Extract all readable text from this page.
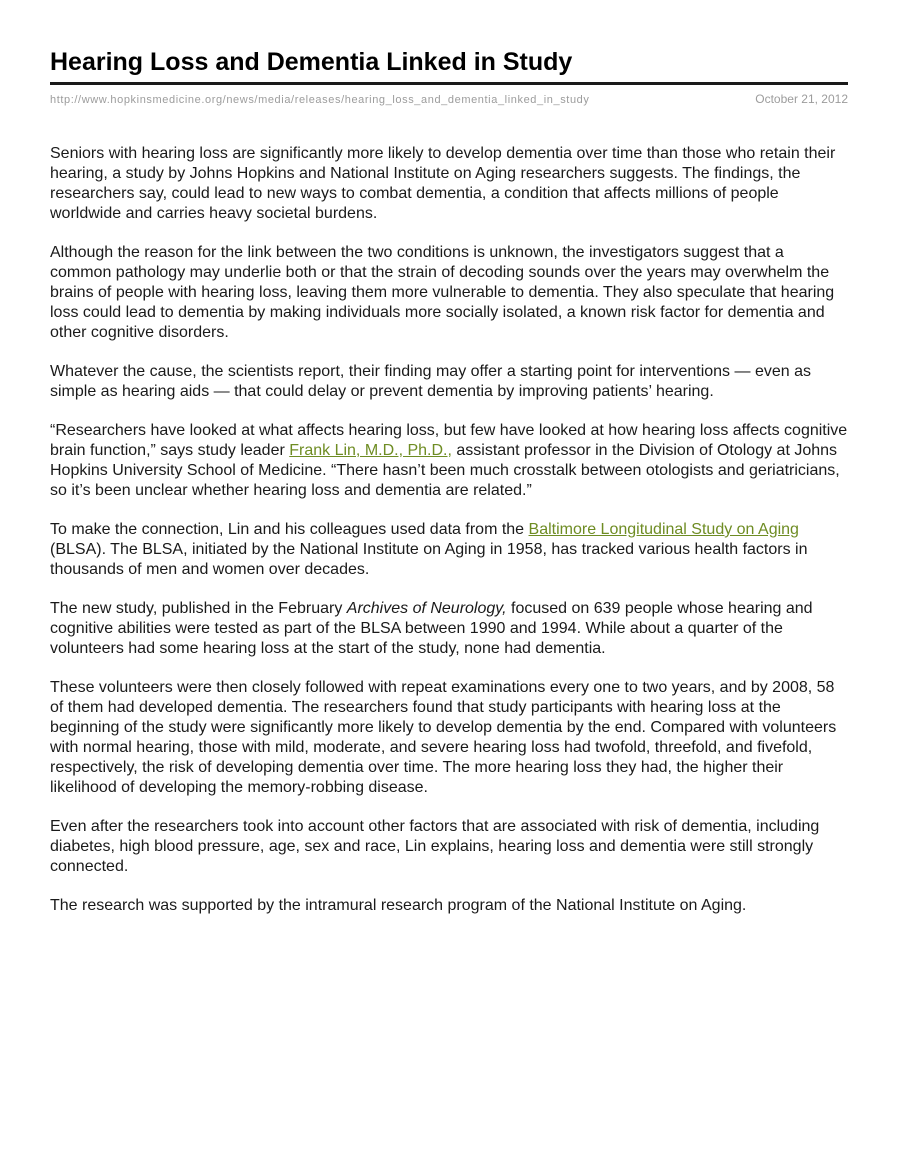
Hearing Loss and Dementia Linked in Study
http://www.hopkinsmedicine.org/news/media/releases/hearing_loss_and_dementia_linked_in_study	October 21, 2012

Seniors with hearing loss are significantly more likely to develop dementia over time than those who retain their hearing, a study by Johns Hopkins and National Institute on Aging researchers suggests. The findings, the researchers say, could lead to new ways to combat dementia, a condition that affects millions of people worldwide and carries heavy societal burdens.

Although the reason for the link between the two conditions is unknown, the investigators suggest that a common pathology may underlie both or that the strain of decoding sounds over the years may overwhelm the brains of people with hearing loss, leaving them more vulnerable to dementia. They also speculate that hearing loss could lead to dementia by making individuals more socially isolated, a known risk factor for dementia and other cognitive disorders.

Whatever the cause, the scientists report, their finding may offer a starting point for interventions — even as simple as hearing aids — that could delay or prevent dementia by improving patients’ hearing.

“Researchers have looked at what affects hearing loss, but few have looked at how hearing loss affects cognitive brain function,” says study leader Frank Lin, M.D., Ph.D., assistant professor in the Division of Otology at Johns Hopkins University School of Medicine. “There hasn’t been much crosstalk between otologists and geriatricians, so it’s been unclear whether hearing loss and dementia are related.”

To make the connection, Lin and his colleagues used data from the Baltimore Longitudinal Study on Aging (BLSA). The BLSA, initiated by the National Institute on Aging in 1958, has tracked various health factors in thousands of men and women over decades.

The new study, published in the February Archives of Neurology, focused on 639 people whose hearing and cognitive abilities were tested as part of the BLSA between 1990 and 1994. While about a quarter of the volunteers had some hearing loss at the start of the study, none had dementia.

These volunteers were then closely followed with repeat examinations every one to two years, and by 2008, 58 of them had developed dementia. The researchers found that study participants with hearing loss at the beginning of the study were significantly more likely to develop dementia by the end. Compared with volunteers with normal hearing, those with mild, moderate, and severe hearing loss had twofold, threefold, and fivefold, respectively, the risk of developing dementia over time. The more hearing loss they had, the higher their likelihood of developing the memory-robbing disease.

Even after the researchers took into account other factors that are associated with risk of dementia, including diabetes, high blood pressure, age, sex and race, Lin explains, hearing loss and dementia were still strongly connected.

The research was supported by the intramural research program of the National Institute on Aging.
